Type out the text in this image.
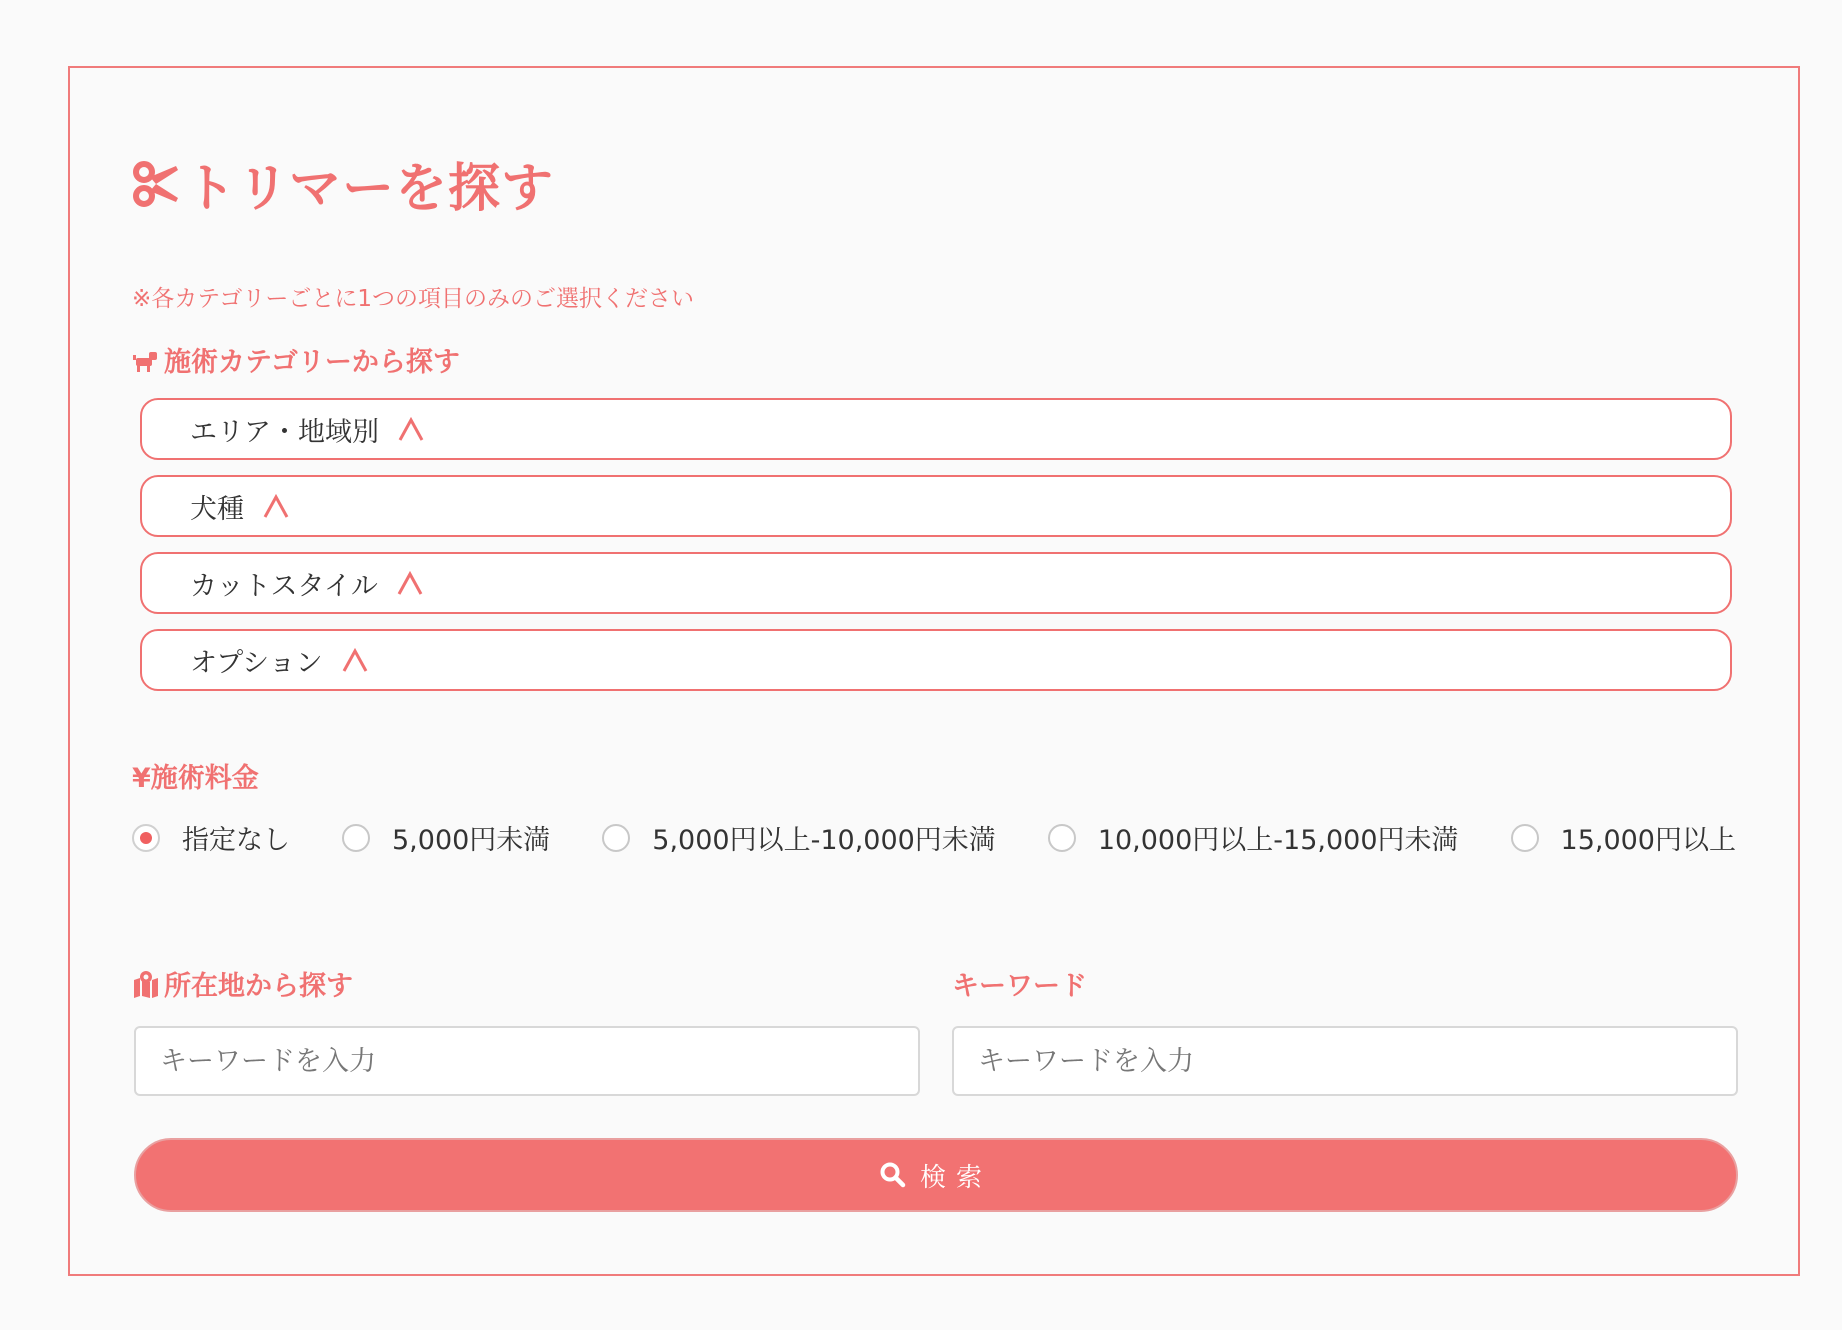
トリマーを探す
※各カテゴリーごとに1つの項目のみのご選択ください
施術カテゴリーから探す
エリア・地域別
犬種
カットスタイル
オプション
¥施術料金
指定なし	5,000円未満	5,000円以上-10,000円未満	10,000円以上-15,000円未満	15,000円以上
所在地から探す	キーワード
キーワードを入力
キーワードを入力
検索
